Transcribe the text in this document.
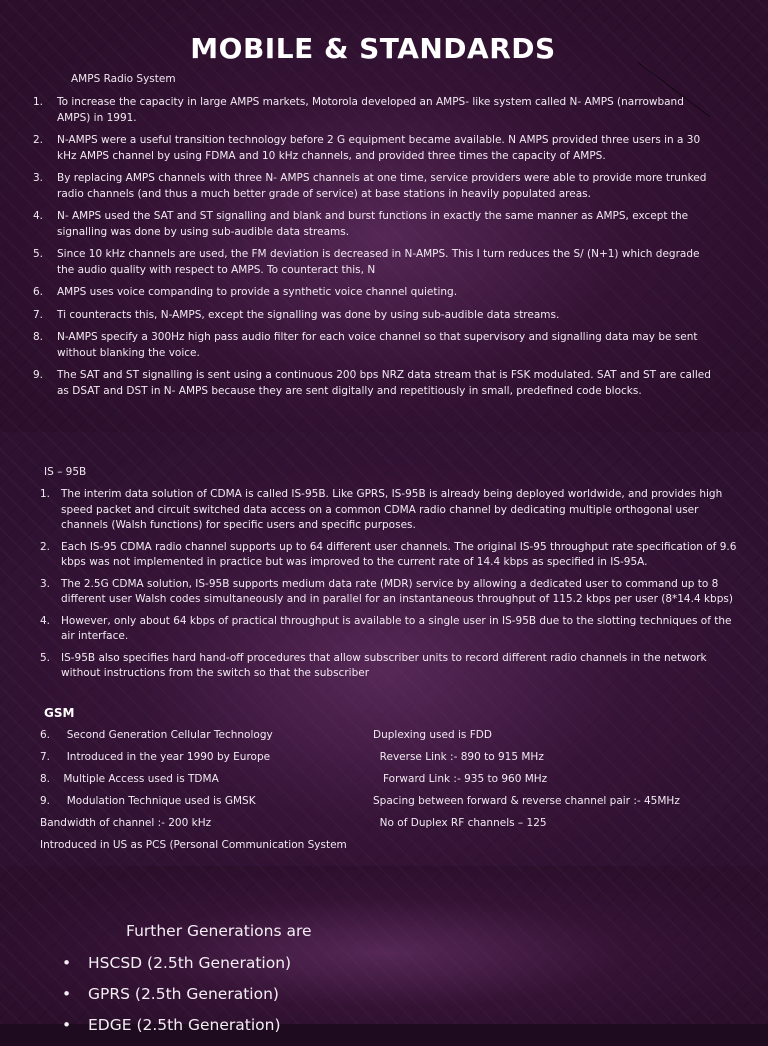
MOBILE & STANDARDS
AMPS Radio System
1. To increase the capacity in large AMPS markets, Motorola developed an AMPS- like system called N- AMPS (narrowband AMPS) in 1991.
2. N-AMPS were a useful transition technology before 2 G equipment became available. N AMPS provided three users in a 30 kHz AMPS channel by using FDMA and 10 kHz channels, and provided three times the capacity of AMPS.
3. By replacing AMPS channels with three N- AMPS channels at one time, service providers were able to provide more trunked radio channels (and thus a much better grade of service) at base stations in heavily populated areas.
4. N- AMPS used the SAT and ST signalling and blank and burst functions in exactly the same manner as AMPS, except the signalling was done by using sub-audible data streams.
5. Since 10 kHz channels are used, the FM deviation is decreased in N-AMPS. This I turn reduces the S/ (N+1) which degrade the audio quality with respect to AMPS. To counteract this, N
6. AMPS uses voice companding to provide a synthetic voice channel quieting.
7. Ti counteracts this, N-AMPS, except the signalling was done by using sub-audible data streams.
8. N-AMPS specify a 300Hz high pass audio filter for each voice channel so that supervisory and signalling data may be sent without blanking the voice.
9. The SAT and ST signalling is sent using a continuous 200 bps NRZ data stream that is FSK modulated. SAT and ST are called as DSAT and DST in N- AMPS because they are sent digitally and repetitiously in small, predefined code blocks.
IS – 95B
1. The interim data solution of CDMA is called IS-95B. Like GPRS, IS-95B is already being deployed worldwide, and provides high speed packet and circuit switched data access on a common CDMA radio channel by dedicating multiple orthogonal user channels (Walsh functions) for specific users and specific purposes.
2. Each IS-95 CDMA radio channel supports up to 64 different user channels. The original IS-95 throughput rate specification of 9.6 kbps was not implemented in practice but was improved to the current rate of 14.4 kbps as specified in IS-95A.
3. The 2.5G CDMA solution, IS-95B supports medium data rate (MDR) service by allowing a dedicated user to command up to 8 different user Walsh codes simultaneously and in parallel for an instantaneous throughput of 115.2 kbps per user (8*14.4 kbps)
4. However, only about 64 kbps of practical throughput is available to a single user in IS-95B due to the slotting techniques of the air interface.
5. IS-95B also specifies hard hand-off procedures that allow subscriber units to record different radio channels in the network without instructions from the switch so that the subscriber
GSM
6.     Second Generation Cellular Technology	Duplexing used is FDD
7.     Introduced in the year 1990 by Europe	Reverse Link :- 890 to 915 MHz
8.    Multiple Access used is TDMA	Forward Link :- 935 to 960 MHz
9.     Modulation Technique used is GMSK	Spacing between forward & reverse channel pair :- 45MHz
Bandwidth of channel :- 200 kHz	No of Duplex RF channels – 125
Introduced in US as PCS (Personal Communication System
Further Generations are
• HSCSD (2.5th Generation)
• GPRS (2.5th Generation)
• EDGE (2.5th Generation)
